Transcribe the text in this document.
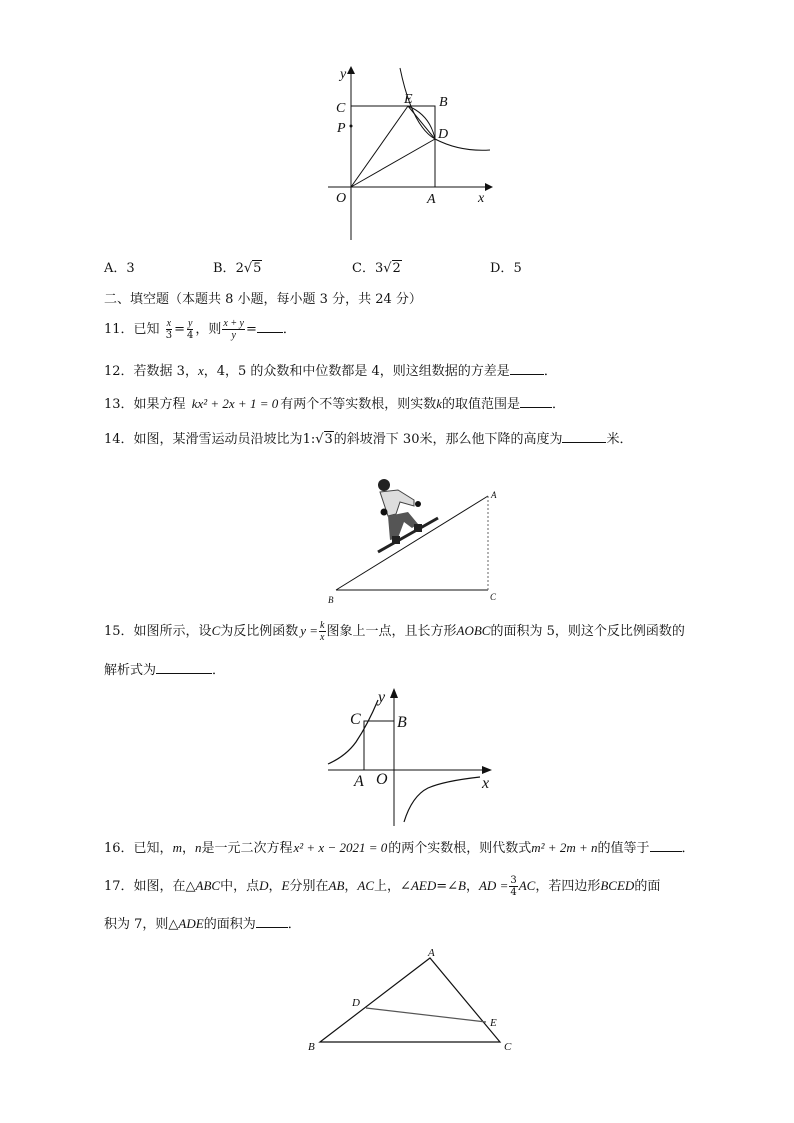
y
x
C
E B
P	D
O	A
A．3	B．2√5	C．3√2	D．5
二、填空题（本题共 8 小题，每小题 3 分，共 24 分）
11．已知 $\frac{x}{3} = \frac{y}{4}$ ，则 $\frac{x + y}{y}$ = ．
12．若数据 3，x，4，5 的众数和中位数都是 4，则这组数据的方差是	．
13．如果方程 kx² + 2x + 1 = 0 有两个不等实数根，则实数k的取值范围是 ．
14．如图，某滑雪运动员沿坡比为1:√3的斜坡滑下 30米，那么他下降的高度为	米．
A
B	C
15．如图所示，设C为反比例函数 $y = \frac{k}{x}$ 图象上一点，且长方形AOBC的面积为 5，则这个反比例函数的
解析式为	．
y
x
C B
A O
16．已知，m，n是一元二次方程x² + x − 2021 = 0的两个实数根，则代数式m² + 2m + n的值等于 ．
17．如图，在△ABC中，点D，E分别在AB，AC上，∠AED=∠B，AD = $\frac{3}{4}$ AC，若四边形BCED的面
积为 7，则△ADE的面积为 ．
A
B	C
D
E
